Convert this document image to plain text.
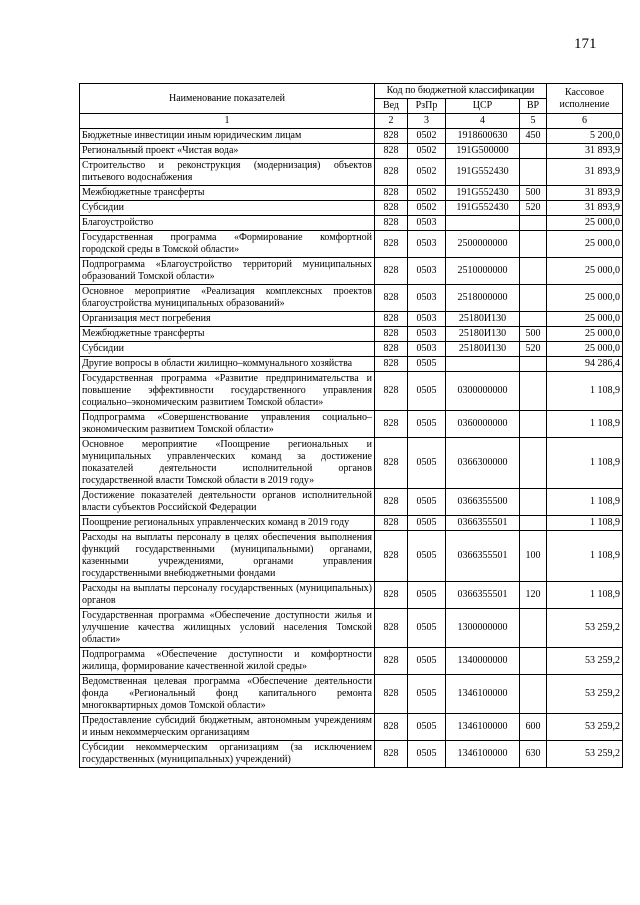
171
Наименование показателей	Код по бюджетной классификации				Кассовое исполнение
	Вед	РзПр	ЦСР	ВР	
1	2	3	4	5	6
Бюджетные инвестиции иным юридическим лицам	828	0502	1918600630	450	5 200,0
Региональный проект «Чистая вода»	828	0502	191G500000		31 893,9
Строительство и реконструкция (модернизация) объектов питьевого водоснабжения	828	0502	191G552430		31 893,9
Межбюджетные трансферты	828	0502	191G552430	500	31 893,9
Субсидии	828	0502	191G552430	520	31 893,9
Благоустройство	828	0503			25 000,0
Государственная программа «Формирование комфортной городской среды в Томской области»	828	0503	2500000000		25 000,0
Подпрограмма «Благоустройство территорий муниципальных образований Томской области»	828	0503	2510000000		25 000,0
Основное мероприятие «Реализация комплексных проектов благоустройства муниципальных образований»	828	0503	2518000000		25 000,0
Организация мест погребения	828	0503	25180И130		25 000,0
Межбюджетные трансферты	828	0503	25180И130	500	25 000,0
Субсидии	828	0503	25180И130	520	25 000,0
Другие вопросы в области жилищно–коммунального хозяйства	828	0505			94 286,4
Государственная программа «Развитие предпринимательства и повышение эффективности государственного управления социально–экономическим развитием Томской области»	828	0505	0300000000		1 108,9
Подпрограмма «Совершенствование управления социально–экономическим развитием Томской области»	828	0505	0360000000		1 108,9
Основное мероприятие «Поощрение региональных и муниципальных управленческих команд за достижение показателей деятельности исполнительной органов государственной власти Томской области в 2019 году»	828	0505	0366300000		1 108,9
Достижение показателей деятельности органов исполнительной власти субъектов Российской Федерации	828	0505	0366355500		1 108,9
Поощрение региональных управленческих команд в 2019 году	828	0505	0366355501		1 108,9
Расходы на выплаты персоналу в целях обеспечения выполнения функций государственными (муниципальными) органами, казенными учреждениями, органами управления государственными внебюджетными фондами	828	0505	0366355501	100	1 108,9
Расходы на выплаты персоналу государственных (муниципальных) органов	828	0505	0366355501	120	1 108,9
Государственная программа «Обеспечение доступности жилья и улучшение качества жилищных условий населения Томской области»	828	0505	1300000000		53 259,2
Подпрограмма «Обеспечение доступности и комфортности жилища, формирование качественной жилой среды»	828	0505	1340000000		53 259,2
Ведомственная целевая программа «Обеспечение деятельности фонда «Региональный фонд капитального ремонта многоквартирных домов Томской области»	828	0505	1346100000		53 259,2
Предоставление субсидий бюджетным, автономным учреждениям и иным некоммерческим организациям	828	0505	1346100000	600	53 259,2
Субсидии некоммерческим организациям (за исключением государственных (муниципальных) учреждений)	828	0505	1346100000	630	53 259,2
